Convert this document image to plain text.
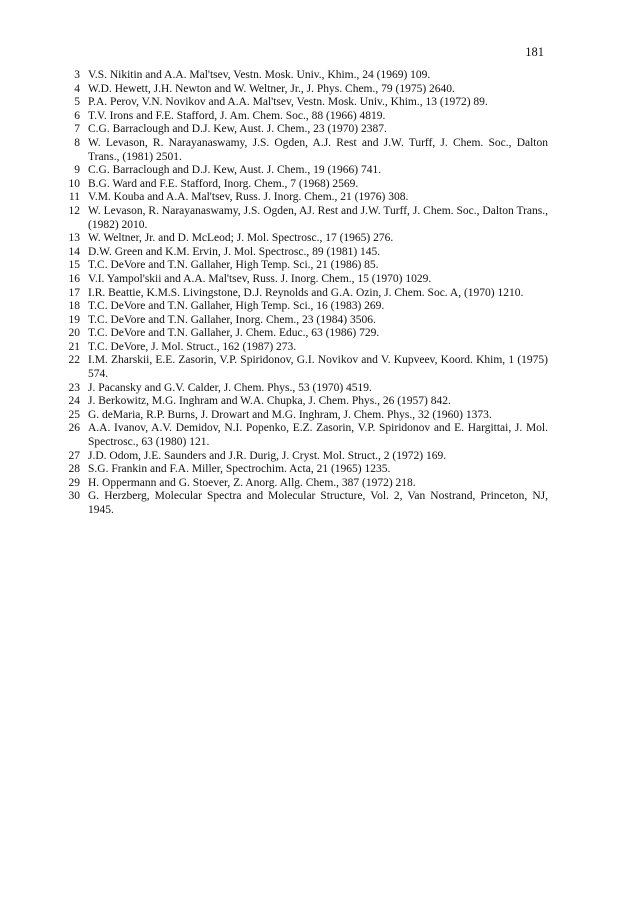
181
3 V.S. Nikitin and A.A. Mal'tsev, Vestn. Mosk. Univ., Khim., 24 (1969) 109.
4 W.D. Hewett, J.H. Newton and W. Weltner, Jr., J. Phys. Chem., 79 (1975) 2640.
5 P.A. Perov, V.N. Novikov and A.A. Mal'tsev, Vestn. Mosk. Univ., Khim., 13 (1972) 89.
6 T.V. Irons and F.E. Stafford, J. Am. Chem. Soc., 88 (1966) 4819.
7 C.G. Barraclough and D.J. Kew, Aust. J. Chem., 23 (1970) 2387.
8 W. Levason, R. Narayanaswamy, J.S. Ogden, A.J. Rest and J.W. Turff, J. Chem. Soc., Dalton Trans., (1981) 2501.
9 C.G. Barraclough and D.J. Kew, Aust. J. Chem., 19 (1966) 741.
10 B.G. Ward and F.E. Stafford, Inorg. Chem., 7 (1968) 2569.
11 V.M. Kouba and A.A. Mal'tsev, Russ. J. Inorg. Chem., 21 (1976) 308.
12 W. Levason, R. Narayanaswamy, J.S. Ogden, AJ. Rest and J.W. Turff, J. Chem. Soc., Dalton Trans., (1982) 2010.
13 W. Weltner, Jr. and D. McLeod; J. Mol. Spectrosc., 17 (1965) 276.
14 D.W. Green and K.M. Ervin, J. Mol. Spectrosc., 89 (1981) 145.
15 T.C. DeVore and T.N. Gallaher, High Temp. Sci., 21 (1986) 85.
16 V.I. Yampol'skii and A.A. Mal'tsev, Russ. J. Inorg. Chem., 15 (1970) 1029.
17 I.R. Beattie, K.M.S. Livingstone, D.J. Reynolds and G.A. Ozin, J. Chem. Soc. A, (1970) 1210.
18 T.C. DeVore and T.N. Gallaher, High Temp. Sci., 16 (1983) 269.
19 T.C. DeVore and T.N. Gallaher, Inorg. Chem., 23 (1984) 3506.
20 T.C. DeVore and T.N. Gallaher, J. Chem. Educ., 63 (1986) 729.
21 T.C. DeVore, J. Mol. Struct., 162 (1987) 273.
22 I.M. Zharskii, E.E. Zasorin, V.P. Spiridonov, G.I. Novikov and V. Kupveev, Koord. Khim, 1 (1975) 574.
23 J. Pacansky and G.V. Calder, J. Chem. Phys., 53 (1970) 4519.
24 J. Berkowitz, M.G. Inghram and W.A. Chupka, J. Chem. Phys., 26 (1957) 842.
25 G. deMaria, R.P. Burns, J. Drowart and M.G. Inghram, J. Chem. Phys., 32 (1960) 1373.
26 A.A. Ivanov, A.V. Demidov, N.I. Popenko, E.Z. Zasorin, V.P. Spiridonov and E. Hargittai, J. Mol. Spectrosc., 63 (1980) 121.
27 J.D. Odom, J.E. Saunders and J.R. Durig, J. Cryst. Mol. Struct., 2 (1972) 169.
28 S.G. Frankin and F.A. Miller, Spectrochim. Acta, 21 (1965) 1235.
29 H. Oppermann and G. Stoever, Z. Anorg. Allg. Chem., 387 (1972) 218.
30 G. Herzberg, Molecular Spectra and Molecular Structure, Vol. 2, Van Nostrand, Princeton, NJ, 1945.
